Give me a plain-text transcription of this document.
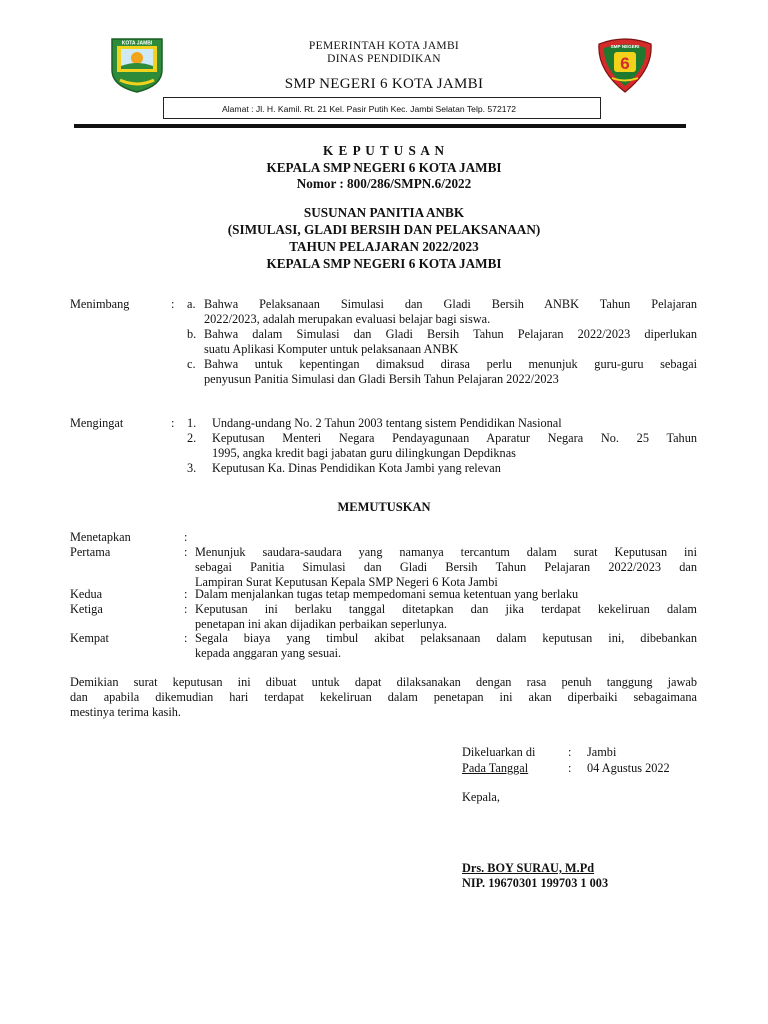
KOTA JAMBI	PEMERINTAH KOTA JAMBI
DINAS PENDIDIKAN
SMP NEGERI 6 KOTA JAMBI
6
SMP NEGERI
Alamat : Jl. H. Kamil. Rt. 21 Kel. Pasir Putih Kec. Jambi Selatan Telp. 572172
K E P U T U S A N
KEPALA SMP NEGERI 6 KOTA JAMBI
Nomor : 800/286/SMPN.6/2022
SUSUNAN PANITIA ANBK
(SIMULASI, GLADI BERSIH DAN PELAKSANAAN)
TAHUN PELAJARAN 2022/2023
KEPALA SMP NEGERI 6 KOTA JAMBI
Menimbang	: a. Bahwa Pelaksanaan Simulasi dan Gladi Bersih ANBK Tahun Pelajaran
2022/2023, adalah merupakan evaluasi belajar bagi siswa.
b. Bahwa dalam Simulasi dan Gladi Bersih Tahun Pelajaran 2022/2023 diperlukan
suatu Aplikasi Komputer untuk pelaksanaan ANBK
c. Bahwa untuk kepentingan dimaksud dirasa perlu menunjuk guru-guru sebagai
penyusun Panitia Simulasi dan Gladi Bersih Tahun Pelajaran 2022/2023
Mengingat	: 1. Undang-undang No. 2 Tahun 2003 tentang sistem Pendidikan Nasional
2. Keputusan Menteri Negara Pendayagunaan Aparatur Negara No. 25 Tahun
1995, angka kredit bagi jabatan guru dilingkungan Depdiknas
3. Keputusan Ka. Dinas Pendidikan Kota Jambi yang relevan
MEMUTUSKAN
Menetapkan	:
Pertama	: Menunjuk saudara-saudara yang namanya tercantum dalam surat Keputusan ini
sebagai Panitia Simulasi dan Gladi Bersih Tahun Pelajaran 2022/2023 dan
Lampiran Surat Keputusan Kepala SMP Negeri 6 Kota Jambi
Kedua	: Dalam menjalankan tugas tetap mempedomani semua ketentuan yang berlaku
Ketiga	: Keputusan ini berlaku tanggal ditetapkan dan jika terdapat kekeliruan dalam
penetapan ini akan dijadikan perbaikan seperlunya.
Kempat	: Segala biaya yang timbul akibat pelaksanaan dalam keputusan ini, dibebankan
kepada anggaran yang sesuai.
Demikian surat keputusan ini dibuat untuk dapat dilaksanakan dengan rasa penuh tanggung jawab
dan apabila dikemudian hari terdapat kekeliruan dalam penetapan ini akan diperbaiki sebagaimana
mestinya terima kasih.
Dikeluarkan di	: Jambi
Pada Tanggal	: 04 Agustus 2022
Kepala,
Drs. BOY SURAU, M.Pd
NIP. 19670301 199703 1 003
